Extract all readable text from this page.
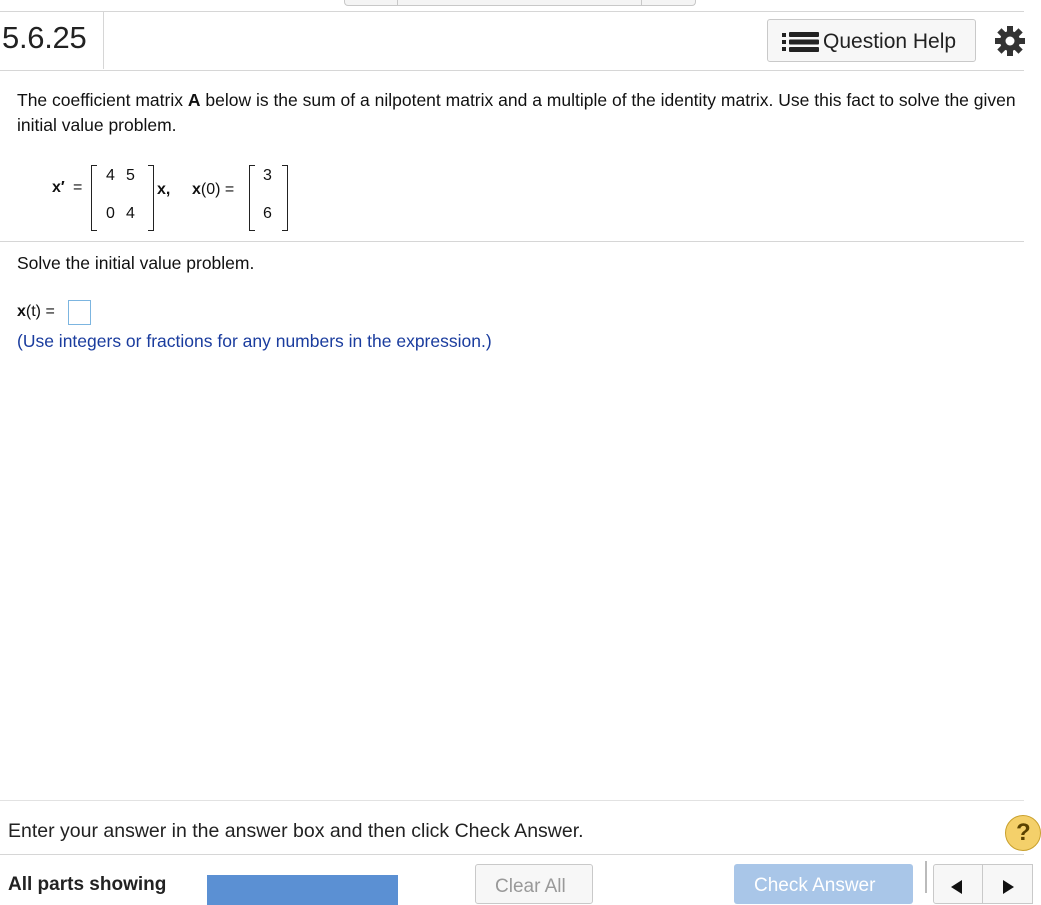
5.6.25	Question Help
The coefficient matrix A below is the sum of a nilpotent matrix and a multiple of the identity matrix. Use this fact to solve the given initial value problem.
x′ =
4 5
0 4
x, x(0) =
3
6
Solve the initial value problem.
x(t) =
(Use integers or fractions for any numbers in the expression.)
Enter your answer in the answer box and then click Check Answer.	?
All parts showing	Clear All	Check Answer
